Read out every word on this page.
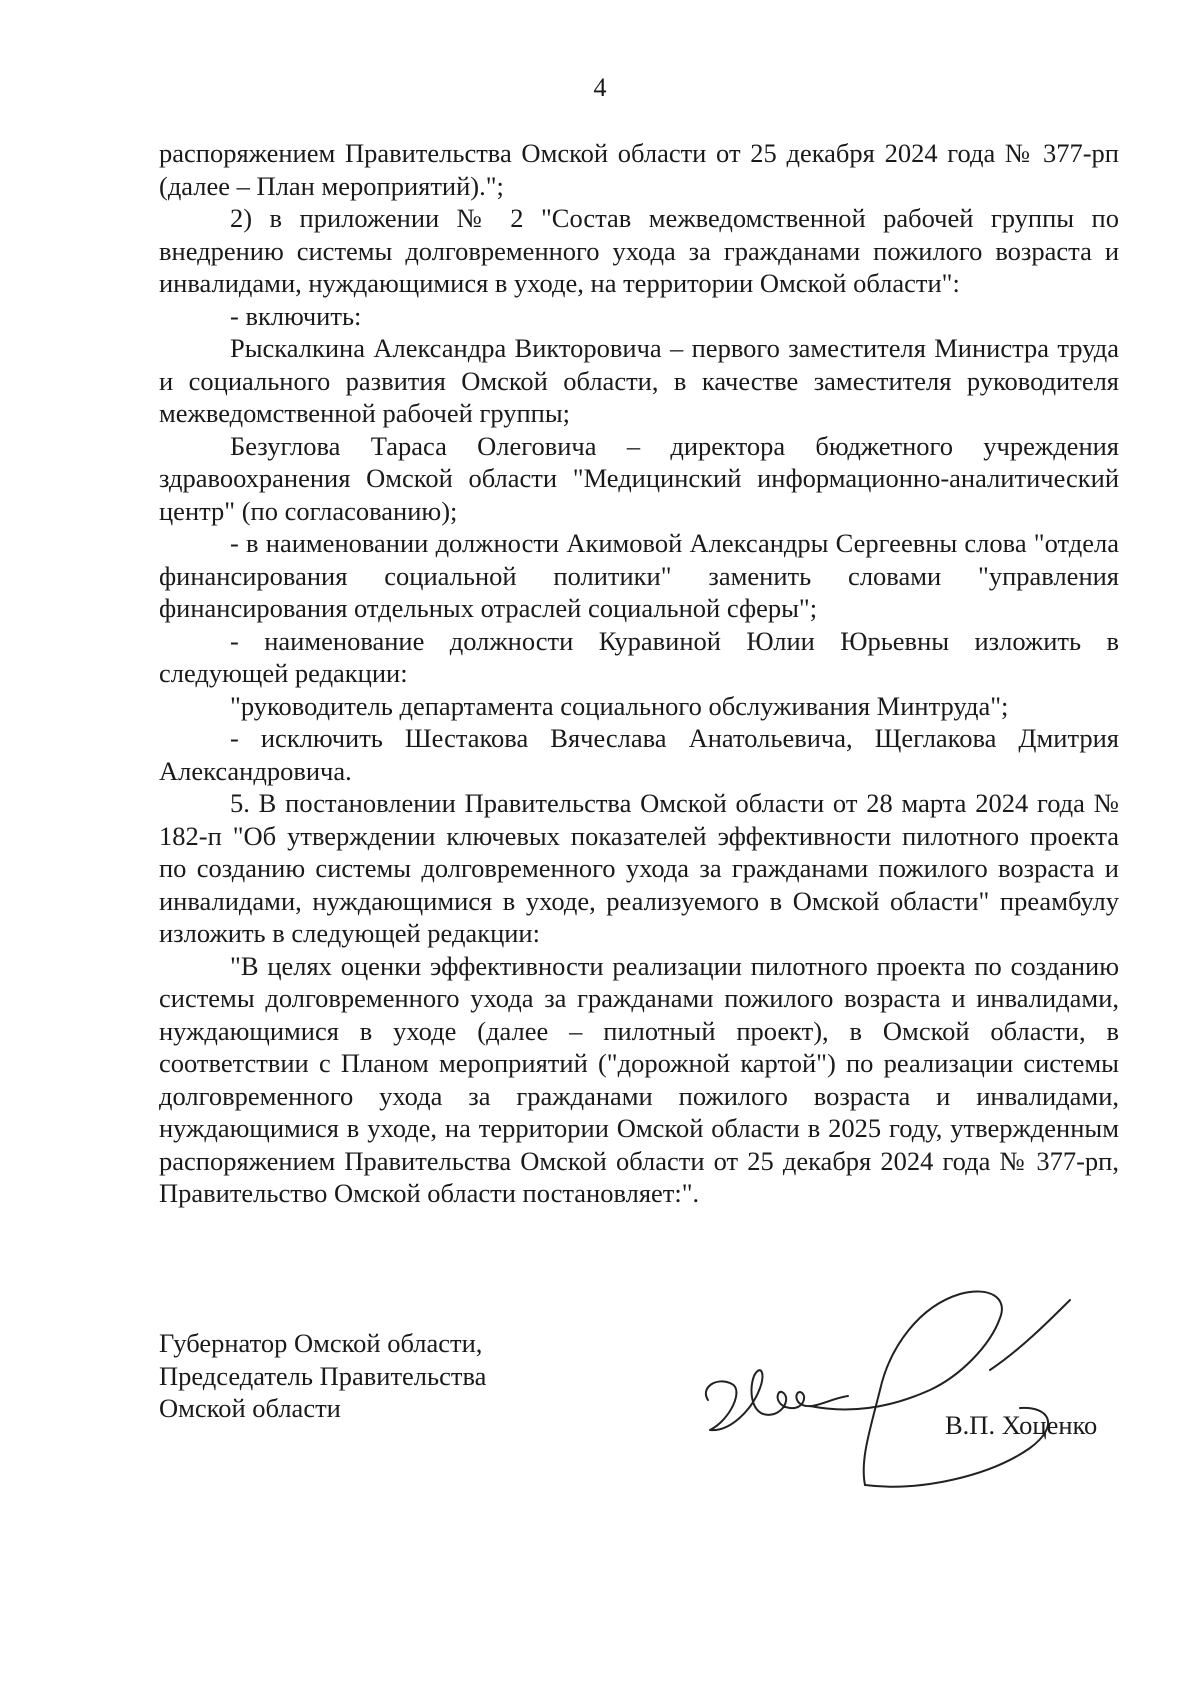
4

распоряжением Правительства Омской области от 25 декабря 2024 года № 377-рп (далее – План мероприятий).";

2) в приложении № 2 "Состав межведомственной рабочей группы по внедрению системы долговременного ухода за гражданами пожилого возраста и инвалидами, нуждающимися в уходе, на территории Омской области":

- включить:

Рыскалкина Александра Викторовича – первого заместителя Министра труда и социального развития Омской области, в качестве заместителя руководителя межведомственной рабочей группы;

Безуглова Тараса Олеговича – директора бюджетного учреждения здравоохранения Омской области "Медицинский информационно-аналитический центр" (по согласованию);

- в наименовании должности Акимовой Александры Сергеевны слова "отдела финансирования социальной политики" заменить словами "управления финансирования отдельных отраслей социальной сферы";

- наименование должности Куравиной Юлии Юрьевны изложить в следующей редакции:

"руководитель департамента социального обслуживания Минтруда";

- исключить Шестакова Вячеслава Анатольевича, Щеглакова Дмитрия Александровича.

5. В постановлении Правительства Омской области от 28 марта 2024 года № 182-п "Об утверждении ключевых показателей эффективности пилотного проекта по созданию системы долговременного ухода за гражданами пожилого возраста и инвалидами, нуждающимися в уходе, реализуемого в Омской области" преамбулу изложить в следующей редакции:

"В целях оценки эффективности реализации пилотного проекта по созданию системы долговременного ухода за гражданами пожилого возраста и инвалидами, нуждающимися в уходе (далее – пилотный проект), в Омской области, в соответствии с Планом мероприятий ("дорожной картой") по реализации системы долговременного ухода за гражданами пожилого возраста и инвалидами, нуждающимися в уходе, на территории Омской области в 2025 году, утвержденным распоряжением Правительства Омской области от 25 декабря 2024 года № 377-рп, Правительство Омской области постановляет:".

Губернатор Омской области,
Председатель Правительства
Омской области
В.П. Хоценко
